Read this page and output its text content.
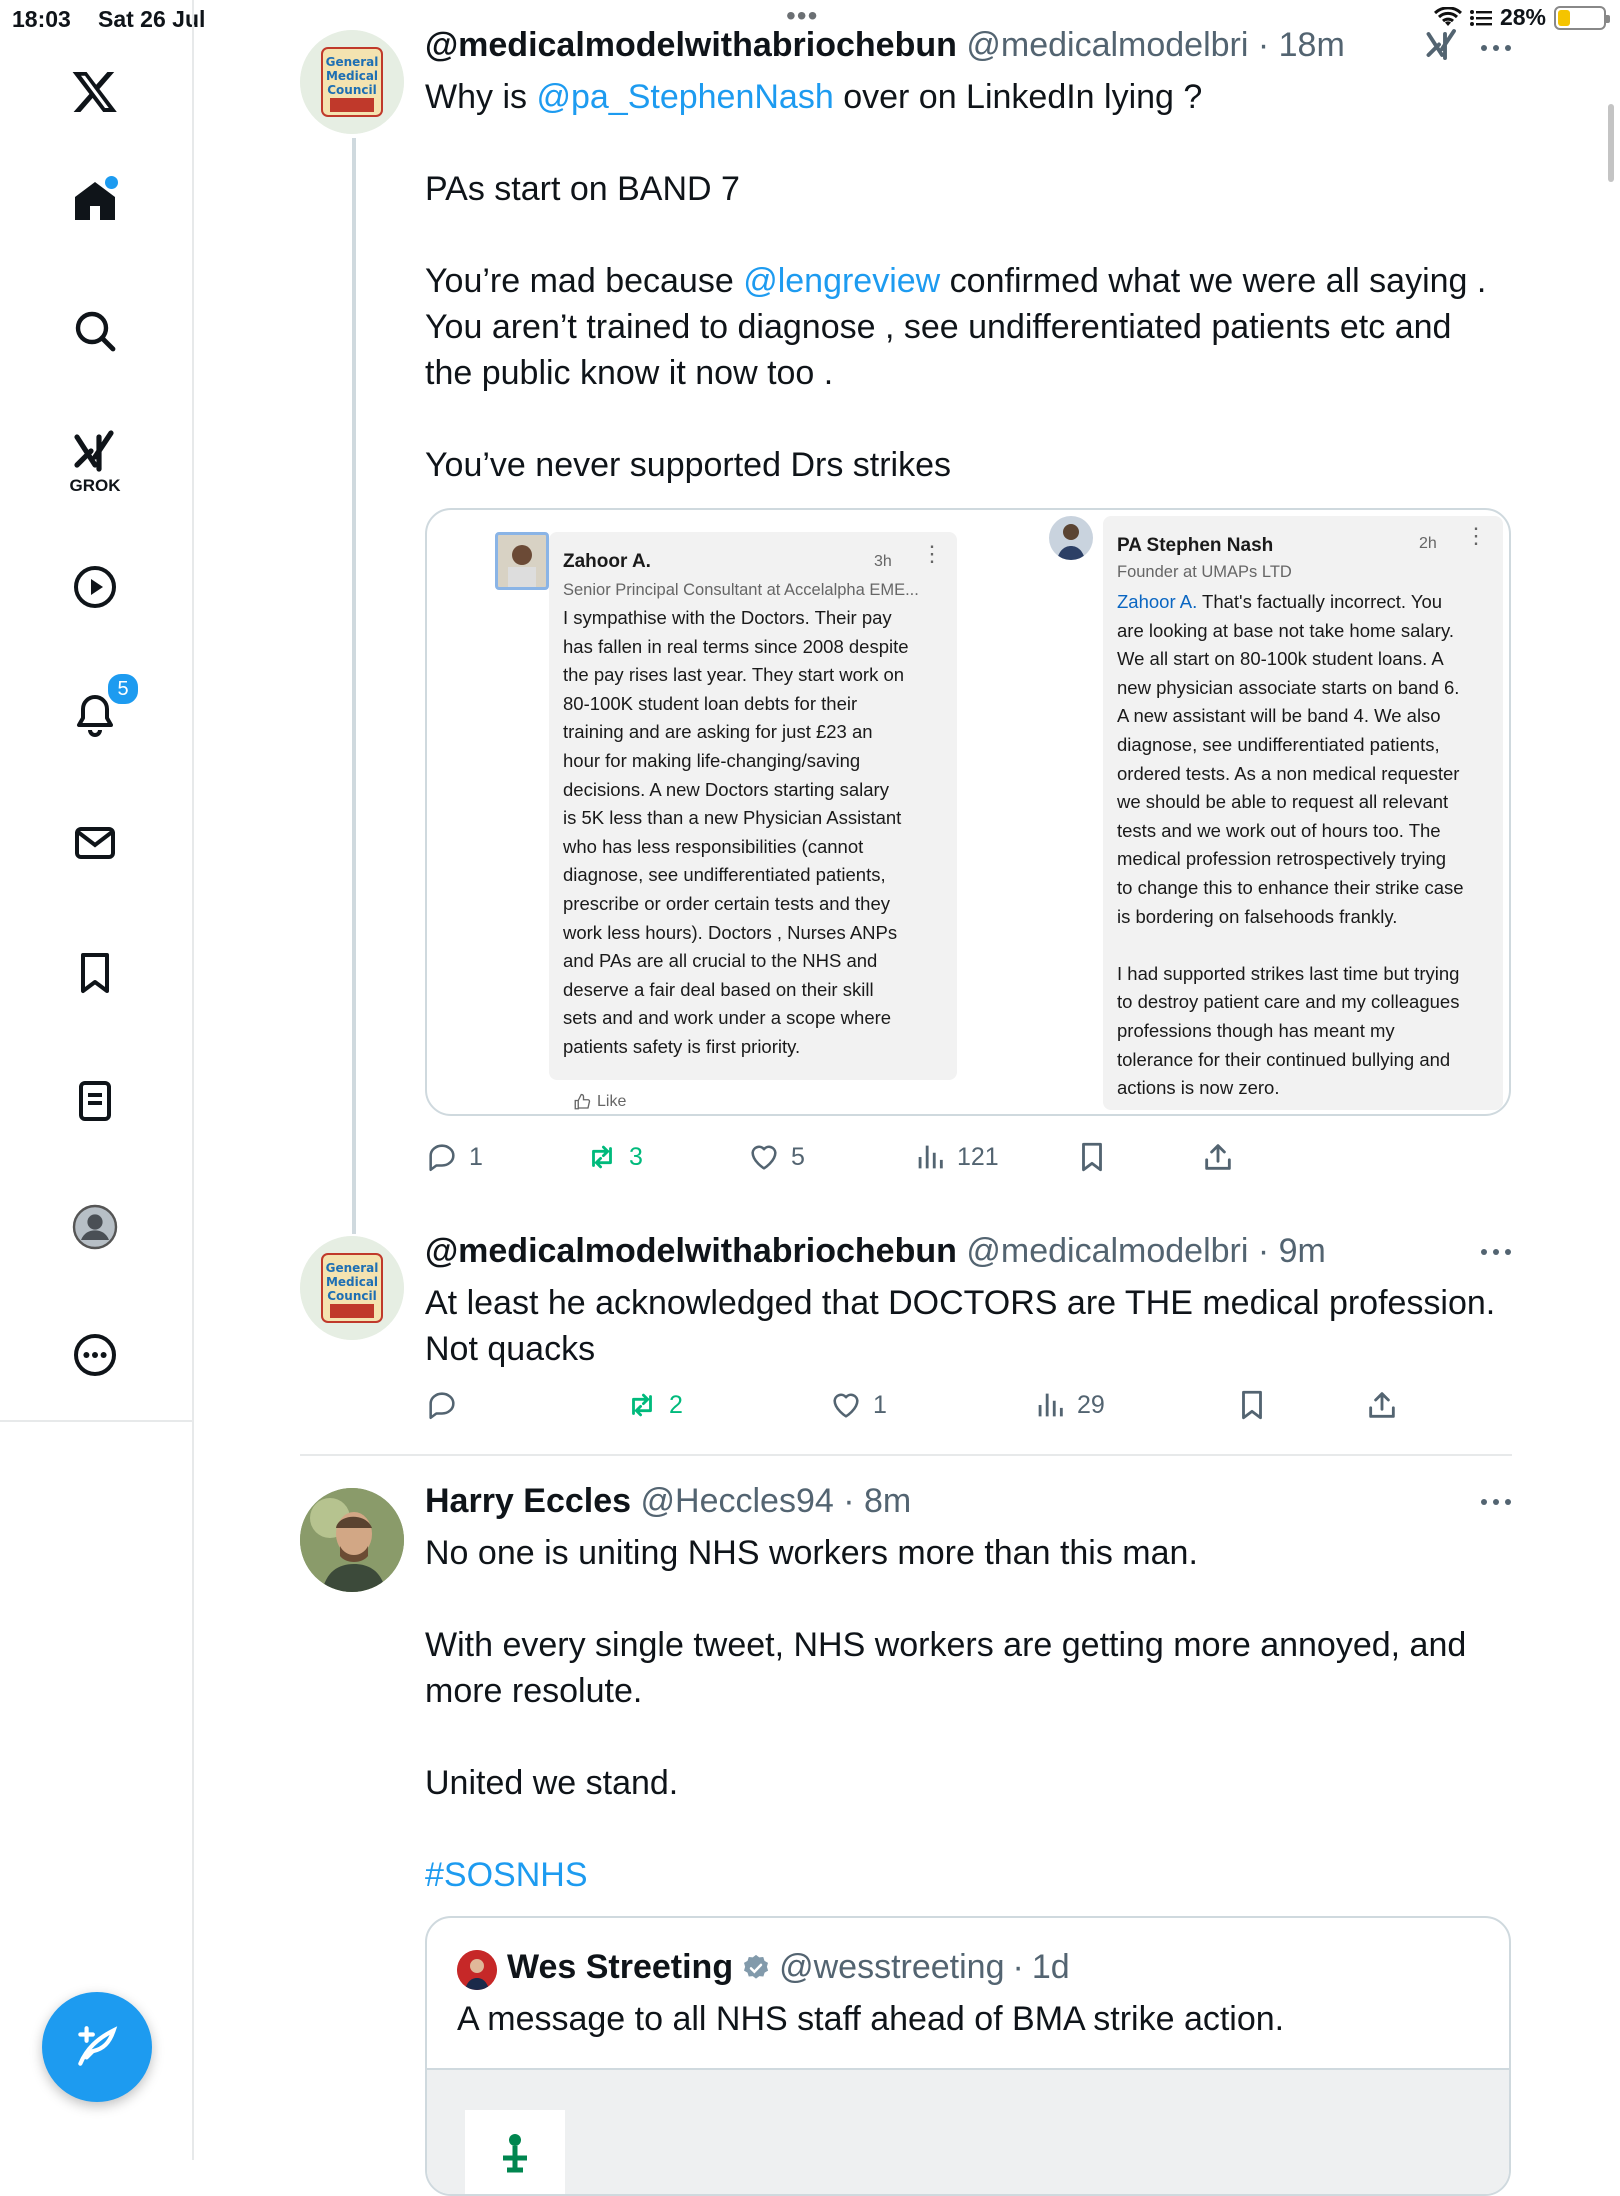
18:03 Sat 26 Jul	•••	28%
GROK
5
General
Medical
Council
@medicalmodelwithabriochebun @medicalmodelbri · 18m

Why is @pa_StephenNash over on LinkedIn lying ?

PAs start on BAND 7

You’re mad because @lengreview confirmed what we were all saying . You aren’t trained to diagnose , see undifferentiated patients etc and the public know it now too .

You’ve never supported Drs strikes

Zahoor A.	3h ⋮
Senior Principal Consultant at Accelalpha EME...
I sympathise with the Doctors. Their pay
has fallen in real terms since 2008 despite
the pay rises last year. They start work on
80-100K student loan debts for their
training and are asking for just £23 an
hour for making life-changing/saving
decisions. A new Doctors starting salary
is 5K less than a new Physician Assistant
who has less responsibilities (cannot
diagnose, see undifferentiated patients,
prescribe or order certain tests and they
work less hours). Doctors , Nurses ANPs
and PAs are all crucial to the NHS and
deserve a fair deal based on their skill
sets and and work under a scope where
patients safety is first priority.
Like
PA Stephen Nash	2h ⋮
Founder at UMAPs LTD
Zahoor A. That's factually incorrect. You
are looking at base not take home salary.
We all start on 80-100k student loans. A
new physician associate starts on band 6.
A new assistant will be band 4. We also
diagnose, see undifferentiated patients,
ordered tests. As a non medical requester
we should be able to request all relevant
tests and we work out of hours too. The
medical profession retrospectively trying
to change this to enhance their strike case
is bordering on falsehoods frankly.

I had supported strikes last time but trying
to destroy patient care and my colleagues
professions though has meant my
tolerance for their continued bullying and
actions is now zero.
1	3	5	121
General
Medical
Council
@medicalmodelwithabriochebun @medicalmodelbri · 9m

At least he acknowledged that DOCTORS are THE medical profession. Not quacks

2	1	29
Harry Eccles @Heccles94 · 8m

No one is uniting NHS workers more than this man.

With every single tweet, NHS workers are getting more annoyed, and more resolute.

United we stand.

#SOSNHS

Wes Streeting @wesstreeting · 1d
A message to all NHS staff ahead of BMA strike action.
